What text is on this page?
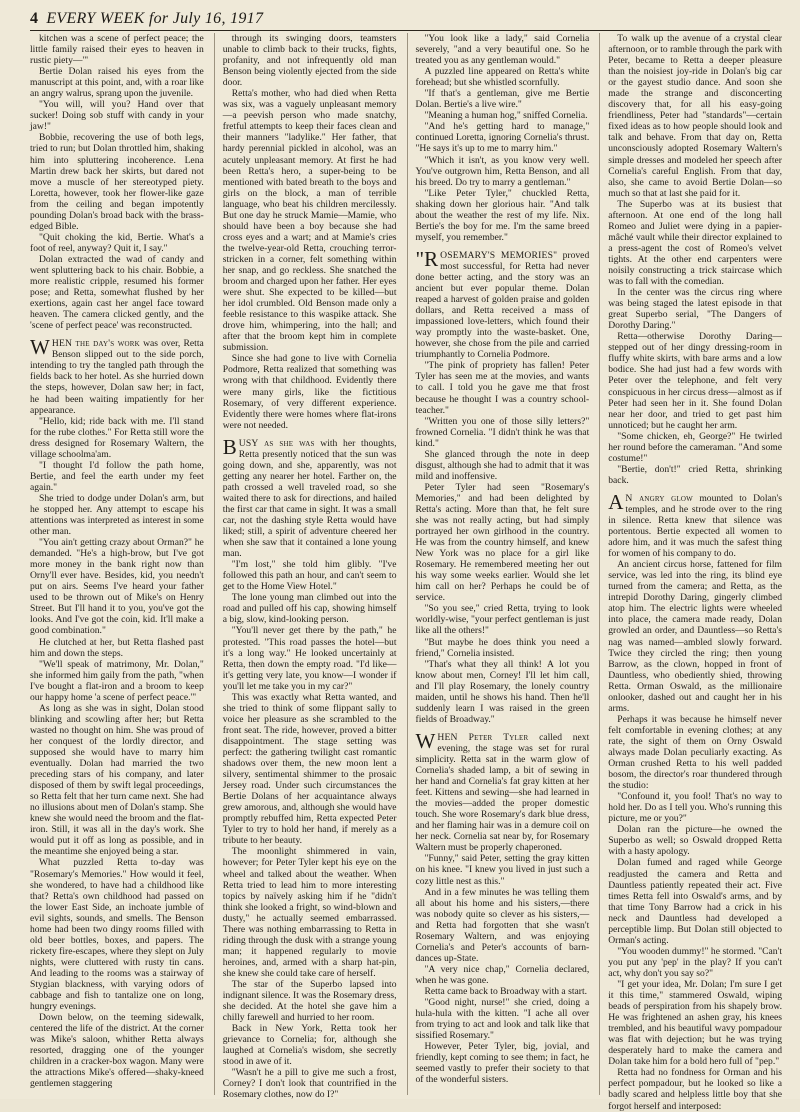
4 EVERY WEEK for July 16, 1917

kitchen was a scene of perfect peace; the little family raised their eyes to heaven in rustic piety—'"

Bertie Dolan raised his eyes from the manuscript at this point, and, with a roar like an angry walrus, sprang upon the juvenile.

"You will, will you? Hand over that sucker! Doing sob stuff with candy in your jaw!"

Bobbie, recovering the use of both legs, tried to run; but Dolan throttled him, shaking him into spluttering incoherence. Lena Martin drew back her skirts, but dared not move a muscle of her stereotyped piety. Loretta, however, took her flower-like gaze from the ceiling and began impotently pounding Dolan's broad back with the brass-edged Bible.

"Quit choking the kid, Bertie. What's a foot of reel, anyway? Quit it, I say."

Dolan extracted the wad of candy and went spluttering back to his chair. Bobbie, a more realistic cripple, resumed his former pose; and Retta, somewhat flushed by her exertions, again cast her angel face toward heaven. The camera clicked gently, and the 'scene of perfect peace' was reconstructed.

WHEN the day's work was over, Retta Benson slipped out to the side porch, intending to try the tangled path through the fields back to her hotel. As she hurried down the steps, however, Dolan saw her; in fact, he had been waiting impatiently for her appearance.

"Hello, kid; ride back with me. I'll stand for the rube clothes." For Retta still wore the dress designed for Rosemary Waltern, the village schoolma'am.

"I thought I'd follow the path home, Bertie, and feel the earth under my feet again."

She tried to dodge under Dolan's arm, but he stopped her. Any attempt to escape his attentions was interpreted as interest in some other man.

"You ain't getting crazy about Orman?" he demanded. "He's a high-brow, but I've got more money in the bank right now than Orny'll ever have. Besides, kid, you needn't put on airs. Seems I've heard your father used to be thrown out of Mike's on Henry Street. But I'll hand it to you, you've got the looks. And I've got the coin, kid. It'll make a good combination."

He clutched at her, but Retta flashed past him and down the steps.

"We'll speak of matrimony, Mr. Dolan," she informed him gaily from the path, "when I've bought a flat-iron and a broom to keep our happy home 'a scene of perfect peace.'"

As long as she was in sight, Dolan stood blinking and scowling after her; but Retta wasted no thought on him. She was proud of her conquest of the lordly director, and supposed she would have to marry him eventually. Dolan had married the two preceding stars of his company, and later disposed of them by swift legal proceedings, so Retta felt that her turn came next. She had no illusions about men of Dolan's stamp. She knew she would need the broom and the flat-iron. Still, it was all in the day's work. She would put it off as long as possible, and in the meantime she enjoyed being a star.

What puzzled Retta to-day was "Rosemary's Memories." How would it feel, she wondered, to have had a childhood like that? Retta's own childhood had passed on the lower East Side, an inchoate jumble of evil sights, sounds, and smells. The Benson home had been two dingy rooms filled with old beer bottles, boxes, and papers. The rickety fire-escapes, where they slept on July nights, were cluttered with rusty tin cans. And leading to the rooms was a stairway of Stygian blackness, with varying odors of cabbage and fish to tantalize one on long, hungry evenings.

Down below, on the teeming sidewalk, centered the life of the district. At the corner was Mike's saloon, whither Retta always resorted, dragging one of the younger children in a cracker-box wagon. Many were the attractions Mike's offered—shaky-kneed gentlemen staggering

through its swinging doors, teamsters unable to climb back to their trucks, fights, profanity, and not infrequently old man Benson being violently ejected from the side door.

Retta's mother, who had died when Retta was six, was a vaguely unpleasant memory—a peevish person who made snatchy, fretful attempts to keep their faces clean and their manners "ladylike." Her father, that hardy perennial pickled in alcohol, was an acutely unpleasant memory. At first he had been Retta's hero, a super-being to be mentioned with bated breath to the boys and girls on the block, a man of terrible language, who beat his children mercilessly. But one day he struck Mamie—Mamie, who should have been a boy because she had cross eyes and a wart; and at Mamie's cries the twelve-year-old Retta, crouching terror-stricken in a corner, felt something within her snap, and go reckless. She snatched the broom and charged upon her father. Her eyes were shut. She expected to be killed—but her idol crumbled. Old Benson made only a feeble resistance to this waspike attack. She drove him, whimpering, into the hall; and after that the broom kept him in complete submission.

Since she had gone to live with Cornelia Podmore, Retta realized that something was wrong with that childhood. Evidently there were many girls, like the fictitious Rosemary, of very different experience. Evidently there were homes where flat-irons were not needed.

BUSY as she was with her thoughts, Retta presently noticed that the sun was going down, and she, apparently, was not getting any nearer her hotel. Farther on, the path crossed a well traveled road, so she waited there to ask for directions, and hailed the first car that came in sight. It was a small car, not the dashing style Retta would have liked; still, a spirit of adventure cheered her when she saw that it contained a lone young man.

"I'm lost," she told him glibly. "I've followed this path an hour, and can't seem to get to the Home View Hotel."

The lone young man climbed out into the road and pulled off his cap, showing himself a big, slow, kind-looking person.

"You'll never get there by the path," he protested. "This road passes the hotel—but it's a long way." He looked uncertainly at Retta, then down the empty road. "I'd like—it's getting very late, you know—I wonder if you'll let me take you in my car?"

This was exactly what Retta wanted, and she tried to think of some flippant sally to voice her pleasure as she scrambled to the front seat. The ride, however, proved a bitter disappointment. The stage setting was perfect: the gathering twilight cast romantic shadows over them, the new moon lent a silvery, sentimental shimmer to the prosaic Jersey road. Under such circumstances the Bertie Dolans of her acquaintance always grew amorous, and, although she would have promptly rebuffed him, Retta expected Peter Tyler to try to hold her hand, if merely as a tribute to her beauty.

The moonlight shimmered in vain, however; for Peter Tyler kept his eye on the wheel and talked about the weather. When Retta tried to lead him to more interesting topics by naïvely asking him if he "didn't think she looked a fright, so wind-blown and dusty," he actually seemed embarrassed. There was nothing embarrassing to Retta in riding through the dusk with a strange young man; it happened regularly to movie heroines, and, armed with a sharp hat-pin, she knew she could take care of herself.

The star of the Superbo lapsed into indignant silence. It was the Rosemary dress, she decided. At the hotel she gave him a chilly farewell and hurried to her room.

Back in New York, Retta took her grievance to Cornelia; for, although she laughed at Cornelia's wisdom, she secretly stood in awe of it.

"Wasn't he a pill to give me such a frost, Corney? I don't look that countrified in the Rosemary clothes, now do I?"

"You look like a lady," said Cornelia severely, "and a very beautiful one. So he treated you as any gentleman would."

A puzzled line appeared on Retta's white forehead; but she whistled scornfully.

"If that's a gentleman, give me Bertie Dolan. Bertie's a live wire."

"Meaning a human hog," sniffed Cornelia.

"And he's getting hard to manage," continued Loretta, ignoring Cornelia's thrust. "He says it's up to me to marry him."

"Which it isn't, as you know very well. You've outgrown him, Retta Benson, and all his breed. Do try to marry a gentleman."

"Like Peter Tyler," chuckled Retta, shaking down her glorious hair. "And talk about the weather the rest of my life. Nix. Bertie's the boy for me. I'm the same breed myself, you remember."

"ROSEMARY'S MEMORIES" proved most successful, for Retta had never done better acting, and the story was an ancient but ever popular theme. Dolan reaped a harvest of golden praise and golden dollars, and Retta received a mass of impassioned love-letters, which found their way promptly into the waste-basket. One, however, she chose from the pile and carried triumphantly to Cornelia Podmore.

"The pink of propriety has fallen! Peter Tyler has seen me at the movies, and wants to call. I told you he gave me that frost because he thought I was a country school-teacher."

"Written you one of those silly letters?" frowned Cornelia. "I didn't think he was that kind."

She glanced through the note in deep disgust, although she had to admit that it was mild and inoffensive.

Peter Tyler had seen "Rosemary's Memories," and had been delighted by Retta's acting. More than that, he felt sure she was not really acting, but had simply portrayed her own girlhood in the country. He was from the country himself, and knew New York was no place for a girl like Rosemary. He remembered meeting her out his way some weeks earlier. Would she let him call on her? Perhaps he could be of service.

"So you see," cried Retta, trying to look worldly-wise, "your perfect gentleman is just like all the others!"

"But maybe he does think you need a friend," Cornelia insisted.

"That's what they all think! A lot you know about men, Corney! I'll let him call, and I'll play Rosemary, the lonely country maiden, until he shows his hand. Then he'll suddenly learn I was raised in the green fields of Broadway."

WHEN Peter Tyler called next evening, the stage was set for rural simplicity. Retta sat in the warm glow of Cornelia's shaded lamp, a bit of sewing in her hand and Cornelia's fat gray kitten at her feet. Kittens and sewing—she had learned in the movies—added the proper domestic touch. She wore Rosemary's dark blue dress, and her flaming hair was in a demure coil on her neck. Cornelia sat near by, for Rosemary Waltern must be properly chaperoned.

"Funny," said Peter, setting the gray kitten on his knee. "I knew you lived in just such a cozy little nest as this."

And in a few minutes he was telling them all about his home and his sisters,—there was nobody quite so clever as his sisters,—and Retta had forgotten that she wasn't Rosemary Waltern, and was enjoying Cornelia's and Peter's accounts of barn-dances up-State.

"A very nice chap," Cornelia declared, when he was gone.

Retta came back to Broadway with a start.

"Good night, nurse!" she cried, doing a hula-hula with the kitten. "I ache all over from trying to act and look and talk like that sissified Rosemary."

However, Peter Tyler, big, jovial, and friendly, kept coming to see them; in fact, he seemed vastly to prefer their society to that of the wonderful sisters.

To walk up the avenue of a crystal clear afternoon, or to ramble through the park with Peter, became to Retta a deeper pleasure than the noisiest joy-ride in Dolan's big car or the gayest studio dance. And soon she made the strange and disconcerting discovery that, for all his easy-going friendliness, Peter had "standards"—certain fixed ideas as to how people should look and talk and behave. From that day on, Retta unconsciously adopted Rosemary Waltern's simple dresses and modeled her speech after Cornelia's careful English. From that day, also, she came to avoid Bertie Dolan—so much so that at last she paid for it.

The Superbo was at its busiest that afternoon. At one end of the long hall Romeo and Juliet were dying in a papier-mâché vault while their director explained to a press-agent the cost of Romeo's velvet tights. At the other end carpenters were noisily constructing a trick staircase which was to fall with the comedian.

In the center was the circus ring where was being staged the latest episode in that great Superbo serial, "The Dangers of Dorothy Daring."

Retta—otherwise Dorothy Daring—stepped out of her dingy dressing-room in fluffy white skirts, with bare arms and a low bodice. She had just had a few words with Peter over the telephone, and felt very conspicuous in her circus dress—almost as if Peter had seen her in it. She found Dolan near her door, and tried to get past him unnoticed; but he caught her arm.

"Some chicken, eh, George?" He twirled her round before the cameraman. "And some costume!"

"Bertie, don't!" cried Retta, shrinking back.

A N angry glow mounted to Dolan's temples, and he strode over to the ring in silence. Retta knew that silence was portentous. Bertie expected all women to adore him, and it was much the safest thing for women of his company to do.

An ancient circus horse, fattened for film service, was led into the ring, its blind eye turned from the camera; and Retta, as the intrepid Dorothy Daring, gingerly climbed atop him. The electric lights were wheeled into place, the camera made ready, Dolan growled an order, and Dauntless—so Retta's nag was named—ambled slowly forward. Twice they circled the ring; then young Barrow, as the clown, hopped in front of Dauntless, who obediently shied, throwing Retta. Orman Oswald, as the millionaire onlooker, dashed out and caught her in his arms.

Perhaps it was because he himself never felt comfortable in evening clothes; at any rate, the sight of them on Orny Oswald always made Dolan peculiarly exacting. As Orman crushed Retta to his well padded bosom, the director's roar thundered through the studio:

"Confound it, you fool! That's no way to hold her. Do as I tell you. Who's running this picture, me or you?"

Dolan ran the picture—he owned the Superbo as well; so Oswald dropped Retta with a hasty apology.

Dolan fumed and raged while George readjusted the camera and Retta and Dauntless patiently repeated their act. Five times Retta fell into Oswald's arms, and by that time Tony Barrow had a crick in his neck and Dauntless had developed a perceptible limp. But Dolan still objected to Orman's acting.

"You wooden dummy!" he stormed. "Can't you put any 'pep' in the play? If you can't act, why don't you say so?"

"I get your idea, Mr. Dolan; I'm sure I get it this time," stammered Oswald, wiping beads of perspiration from his shapely brow. He was frightened an ashen gray, his knees trembled, and his beautiful wavy pompadour was flat with dejection; but he was trying desperately hard to make the camera and Dolan take him for a bold hero full of "pep."

Retta had no fondness for Orman and his perfect pompadour, but he looked so like a badly scared and helpless little boy that she forgot herself and interposed:
